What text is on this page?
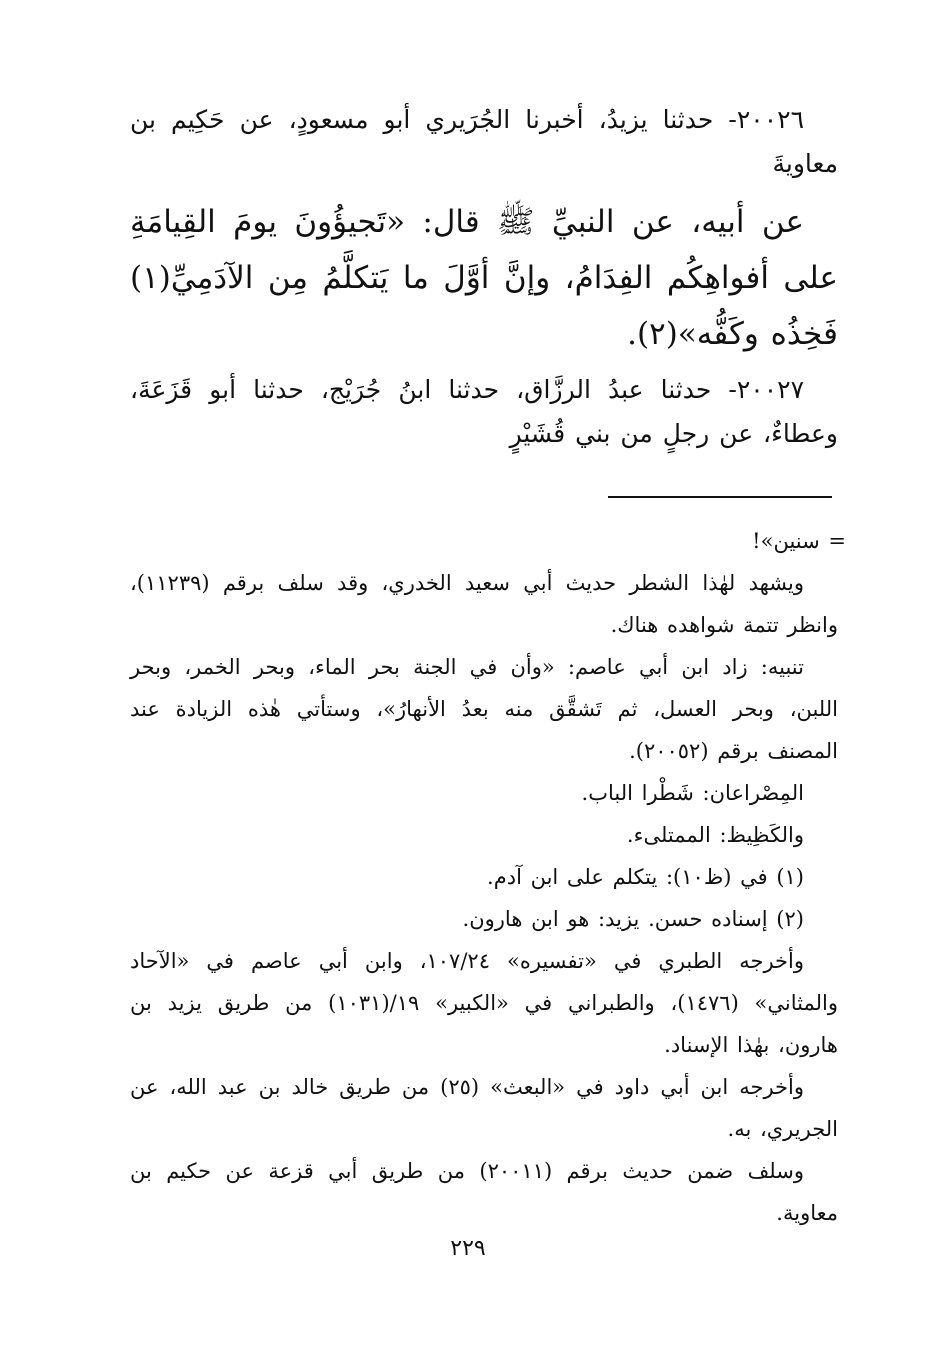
٢٠٠٢٦- حدثنا يزيدُ، أخبرنا الجُرَيري أبو مسعودٍ، عن حَكِيم بن معاويةَ

عن أبيه، عن النبيِّ ﷺ قال: «تَجيؤُونَ يومَ القِيامَةِ على أفواهِكُم الفِدَامُ، وإنَّ أوَّلَ ما يَتكلَّمُ مِن الآدَمِيِّ(١) فَخِذُه وكَفُّه»(٢).

٢٠٠٢٧- حدثنا عبدُ الرزَّاق، حدثنا ابنُ جُرَيْج، حدثنا أبو قَزَعَةَ، وعطاءٌ، عن رجلٍ من بني قُشَيْرٍ

= سنين»!

ويشهد لهٰذا الشطر حديث أبي سعيد الخدري، وقد سلف برقم (١١٢٣٩)، وانظر تتمة شواهده هناك.

تنبيه: زاد ابن أبي عاصم: «وأن في الجنة بحر الماء، وبحر الخمر، وبحر اللبن، وبحر العسل، ثم تَشقَّق منه بعدُ الأنهارُ»، وستأتي هٰذه الزيادة عند المصنف برقم (٢٠٠٥٢).

المِصْراعان: شَطْرا الباب.

والكَظِيظ: الممتلىء.

(١) في (ظ١٠): يتكلم على ابن آدم.

(٢) إسناده حسن. يزيد: هو ابن هارون.

وأخرجه الطبري في «تفسيره» ١٠٧/٢٤، وابن أبي عاصم في «الآحاد والمثاني» (١٤٧٦)، والطبراني في «الكبير» ١٩/(١٠٣١) من طريق يزيد بن هارون، بهٰذا الإسناد.

وأخرجه ابن أبي داود في «البعث» (٢٥) من طريق خالد بن عبد الله، عن الجريري، به.

وسلف ضمن حديث برقم (٢٠٠١١) من طريق أبي قزعة عن حكيم بن معاوية.

٢٢٩
